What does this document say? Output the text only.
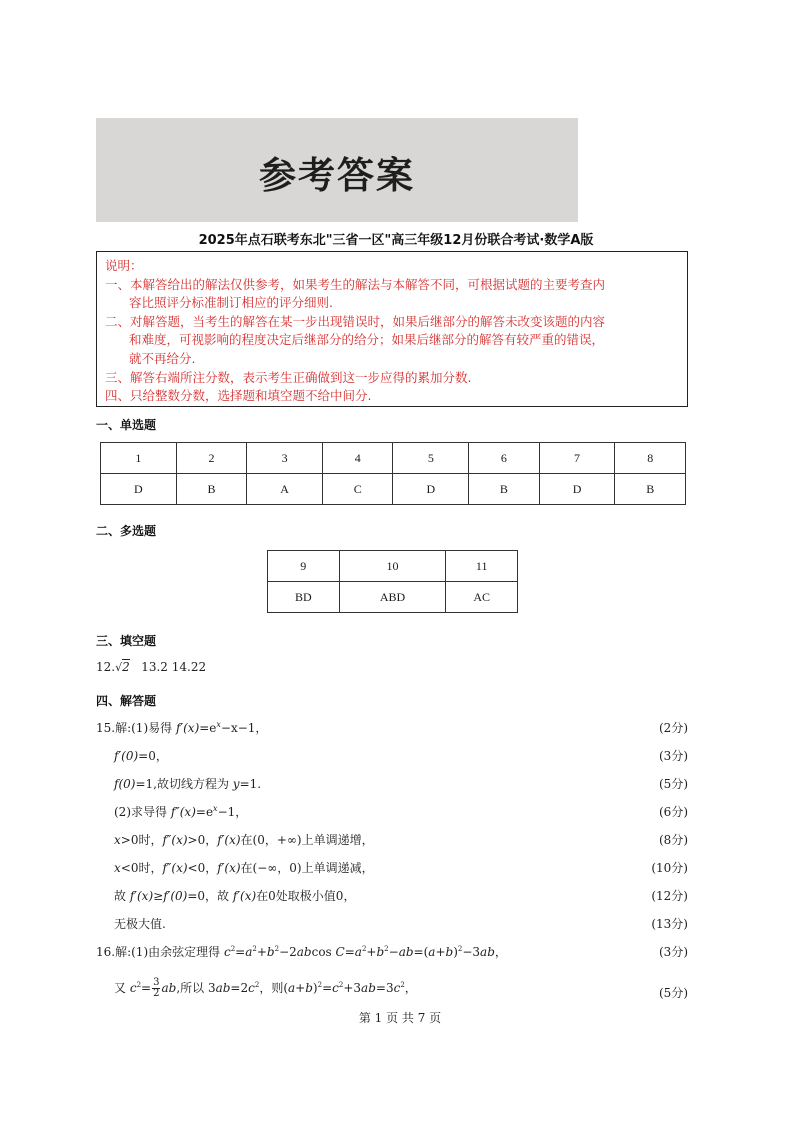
参考答案
2025年点石联考东北"三省一区"高三年级12月份联合考试·数学A版
说明：
一、本解答给出的解法仅供参考，如果考生的解法与本解答不同，可根据试题的主要考查内
容比照评分标准制订相应的评分细则.
二、对解答题，当考生的解答在某一步出现错误时，如果后继部分的解答未改变该题的内容
和难度，可视影响的程度决定后继部分的给分；如果后继部分的解答有较严重的错误，
就不再给分.
三、解答右端所注分数，表示考生正确做到这一步应得的累加分数.
四、只给整数分数，选择题和填空题不给中间分.
一、单选题
1	2	3	4	5	6	7	8
D	B	A	C	D	B	D	B
二、多选题
9	10	11
BD	ABD	AC
三、填空题
12.√2 13.2 14.22
四、解答题
15.解:(1)易得 $f'(x)=e^x-x-1$，	(2分)
f′(0)=0，	(3分)
f(0)=1,故切线方程为 y=1.	(5分)
(2)求导得 $f''(x)=e^x-1$，	(6分)
x>0时，f″(x)>0，f′(x)在(0，+∞)上单调递增，	(8分)
x<0时，f″(x)<0，f′(x)在(−∞，0)上单调递减，	(10分)
故 f′(x)≥f′(0)=0，故 f′(x)在0处取极小值0，	(12分)
无极大值.	(13分)
16.解:(1)由余弦定理得 $c^2=a^2+b^2-2abcos$ $C=a^2+b^2-ab=(a+b)^2-3ab$，	(3分)
又 $c^2= \frac{3}{2}$ ab,所以 $3ab=2c^2$，则$(a+b)^2=c^2+3ab=3c^2$，	(5分)
第 1 页 共 7 页
